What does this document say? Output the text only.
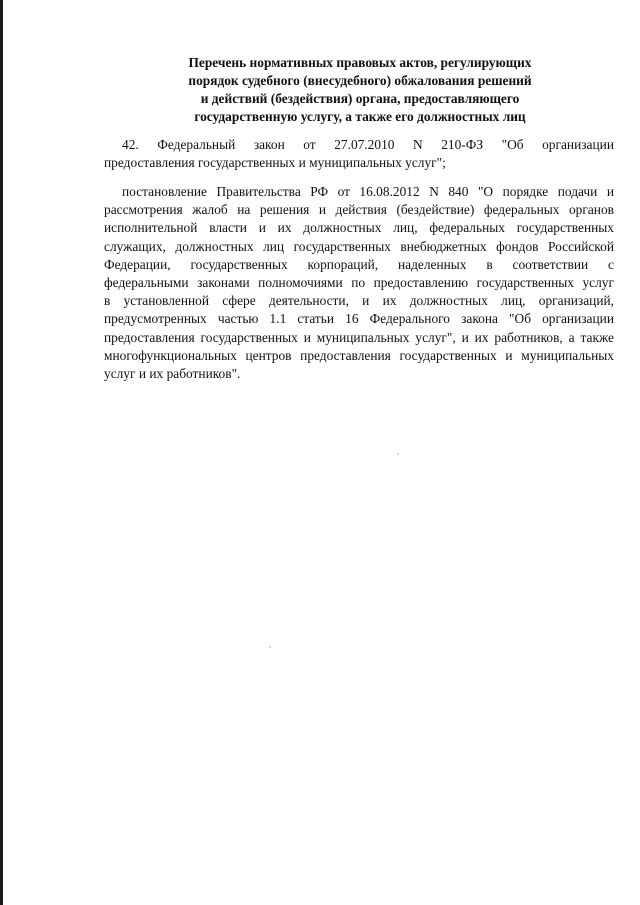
Перечень нормативных правовых актов, регулирующих
порядок судебного (внесудебного) обжалования решений
и действий (бездействия) органа, предоставляющего
государственную услугу, а также его должностных лиц
42. Федеральный закон от 27.07.2010 N 210-ФЗ "Об организации
предоставления государственных и муниципальных услуг";
постановление Правительства РФ от 16.08.2012 N 840 "О порядке подачи и
рассмотрения жалоб на решения и действия (бездействие) федеральных органов
исполнительной власти и их должностных лиц, федеральных государственных
служащих, должностных лиц государственных внебюджетных фондов Российской
Федерации, государственных корпораций, наделенных в соответствии с
федеральными законами полномочиями по предоставлению государственных услуг
в установленной сфере деятельности, и их должностных лиц, организаций,
предусмотренных частью 1.1 статьи 16 Федерального закона "Об организации
предоставления государственных и муниципальных услуг", и их работников, а также
многофункциональных центров предоставления государственных и муниципальных
услуг и их работников".
